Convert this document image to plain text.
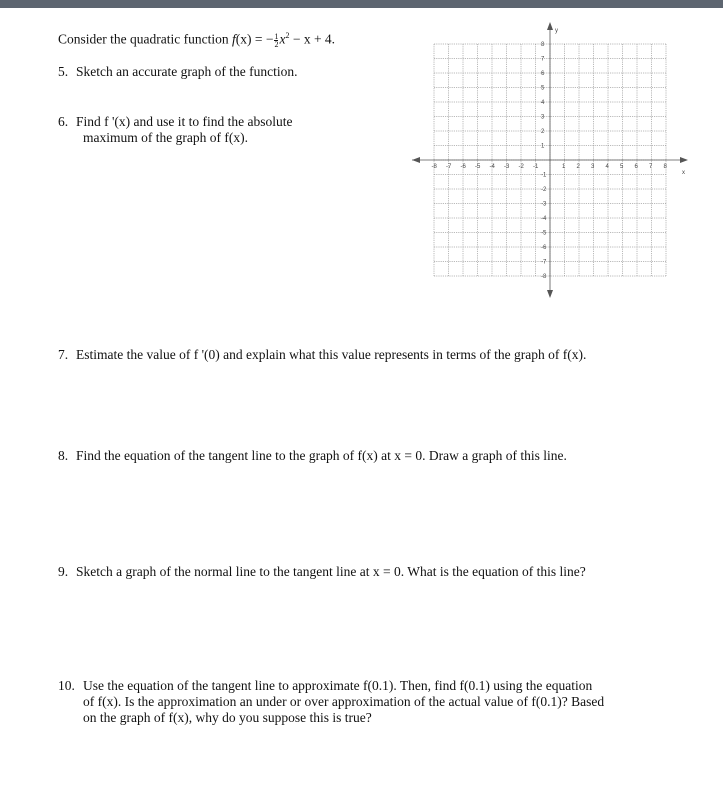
Consider the quadratic function f(x) = − $\frac{1}{2} x^2 - x + 4$.
5. Sketch an accurate graph of the function.
6. Find f '(x) and use it to find the absolute
maximum of the graph of f(x).
7. Estimate the value of f '(0) and explain what this value represents in terms of the graph of f(x).
8. Find the equation of the tangent line to the graph of f(x) at x = 0. Draw a graph of this line.
9. Sketch a graph of the normal line to the tangent line at x = 0. What is the equation of this line?
10. Use the equation of the tangent line to approximate f(0.1). Then, find f(0.1) using the equation
of f(x). Is the approximation an under or over approximation of the actual value of f(0.1)? Based
on the graph of f(x), why do you suppose this is true?
x
y
-8 -7 -6 -5 -4 -3 -2 -1	1 2 3 4 5 6 7 8
8
7
6
5
4
3
2
1
-1
-2
-3
-4
-5
-6
-7
-8
